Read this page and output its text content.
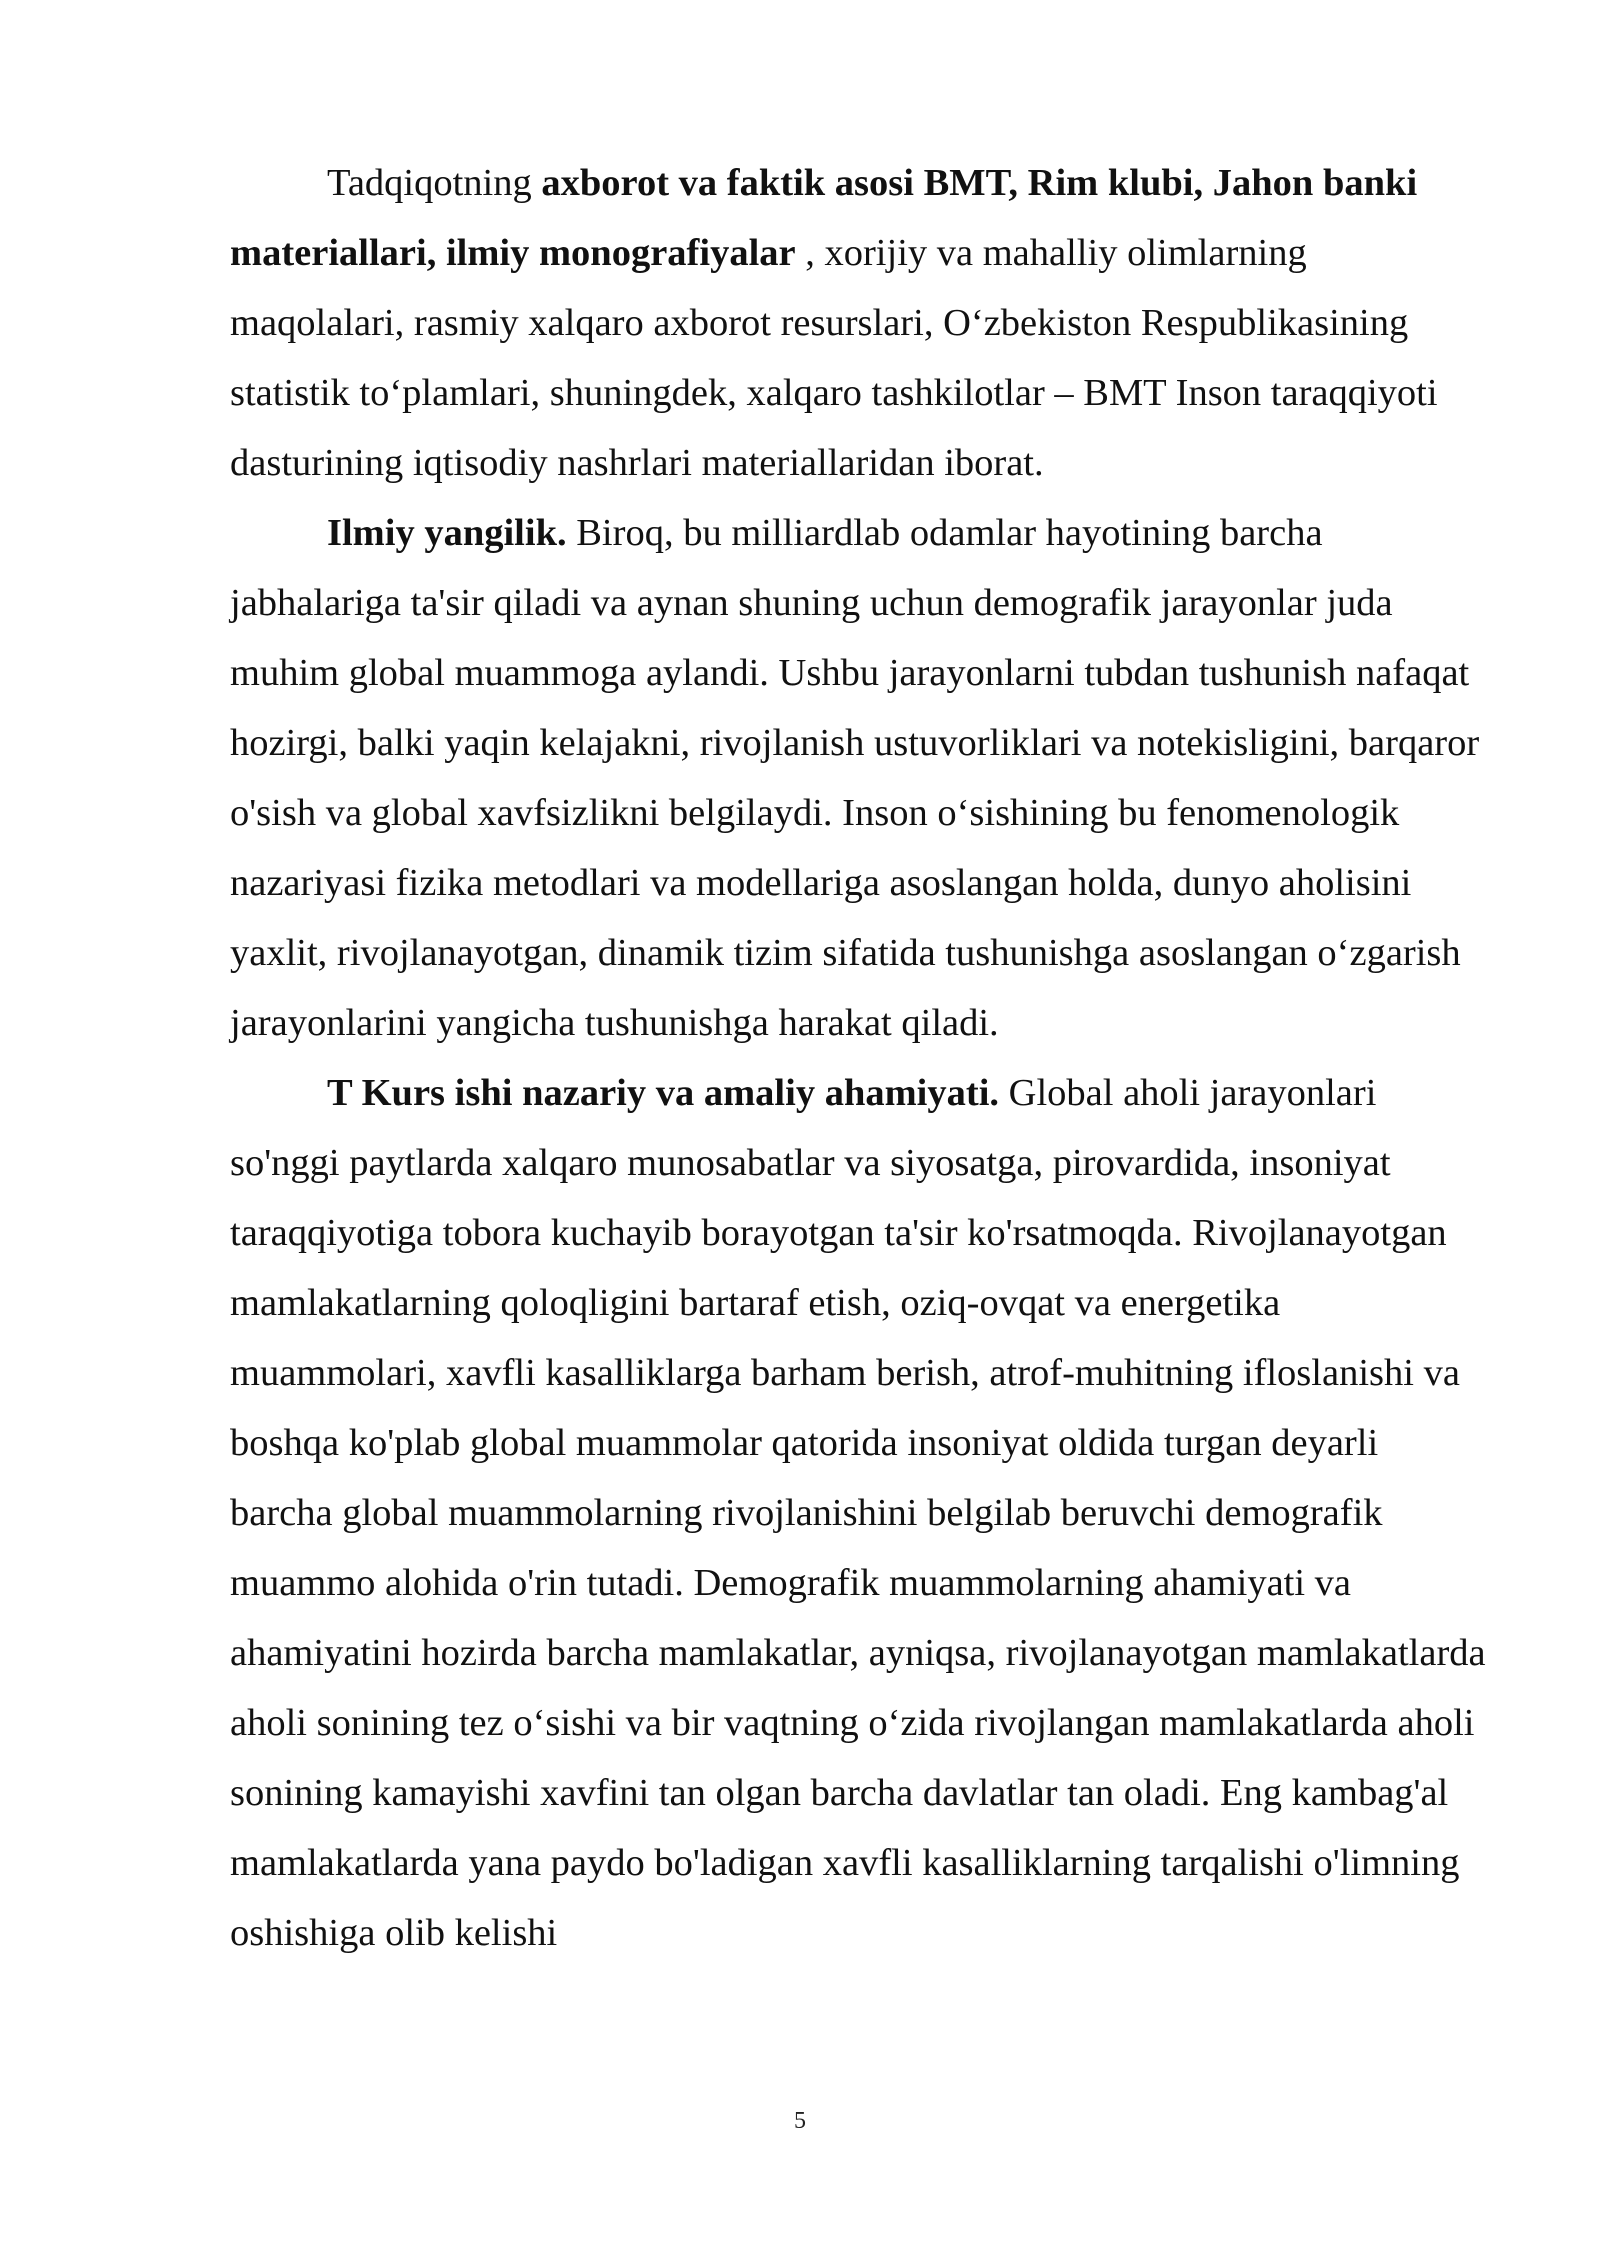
Tadqiqotning axborot va faktik asosi BMT, Rim klubi, Jahon banki materiallari, ilmiy monografiyalar , xorijiy va mahalliy olimlarning maqolalari, rasmiy xalqaro axborot resurslari, O‘zbekiston Respublikasining statistik to‘plamlari, shuningdek, xalqaro tashkilotlar – BMT Inson taraqqiyoti dasturining iqtisodiy nashrlari materiallaridan iborat.

Ilmiy yangilik. Biroq, bu milliardlab odamlar hayotining barcha jabhalariga ta'sir qiladi va aynan shuning uchun demografik jarayonlar juda muhim global muammoga aylandi. Ushbu jarayonlarni tubdan tushunish nafaqat hozirgi, balki yaqin kelajakni, rivojlanish ustuvorliklari va notekisligini, barqaror o'sish va global xavfsizlikni belgilaydi. Inson o‘sishining bu fenomenologik nazariyasi fizika metodlari va modellariga asoslangan holda, dunyo aholisini yaxlit, rivojlanayotgan, dinamik tizim sifatida tushunishga asoslangan o‘zgarish jarayonlarini yangicha tushunishga harakat qiladi.

T Kurs ishi nazariy va amaliy ahamiyati. Global aholi jarayonlari so'nggi paytlarda xalqaro munosabatlar va siyosatga, pirovardida, insoniyat taraqqiyotiga tobora kuchayib borayotgan ta'sir ko'rsatmoqda. Rivojlanayotgan mamlakatlarning qoloqligini bartaraf etish, oziq-ovqat va energetika muammolari, xavfli kasalliklarga barham berish, atrof-muhitning ifloslanishi va boshqa ko'plab global muammolar qatorida insoniyat oldida turgan deyarli barcha global muammolarning rivojlanishini belgilab beruvchi demografik muammo alohida o'rin tutadi. Demografik muammolarning ahamiyati va ahamiyatini hozirda barcha mamlakatlar, ayniqsa, rivojlanayotgan mamlakatlarda aholi sonining tez o‘sishi va bir vaqtning o‘zida rivojlangan mamlakatlarda aholi sonining kamayishi xavfini tan olgan barcha davlatlar tan oladi. Eng kambag'al mamlakatlarda yana paydo bo'ladigan xavfli kasalliklarning tarqalishi o'limning oshishiga olib kelishi

5
